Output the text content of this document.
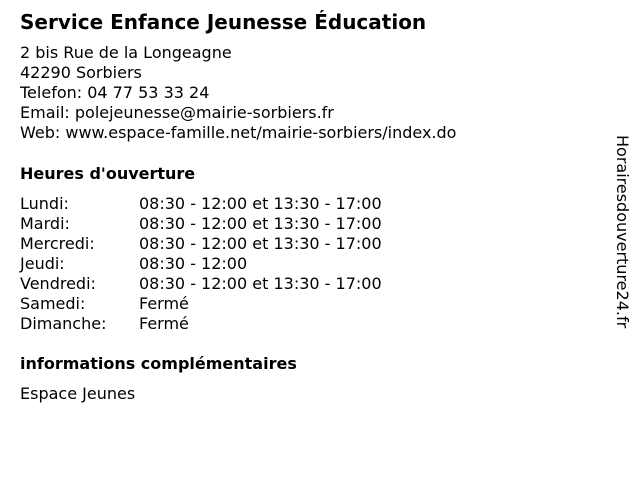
Service Enfance Jeunesse Éducation
2 bis Rue de la Longeagne
42290 Sorbiers
Telefon: 04 77 53 33 24
Email: polejeunesse@mairie-sorbiers.fr
Web: www.espace-famille.net/mairie-sorbiers/index.do
Heures d'ouverture
Lundi:	08:30 - 12:00 et 13:30 - 17:00
Mardi:	08:30 - 12:00 et 13:30 - 17:00
Mercredi:	08:30 - 12:00 et 13:30 - 17:00
Jeudi:	08:30 - 12:00
Vendredi:	08:30 - 12:00 et 13:30 - 17:00
Samedi:	Fermé
Dimanche: Fermé
informations complémentaires
Espace Jeunes
Horairesdouverture24.fr
